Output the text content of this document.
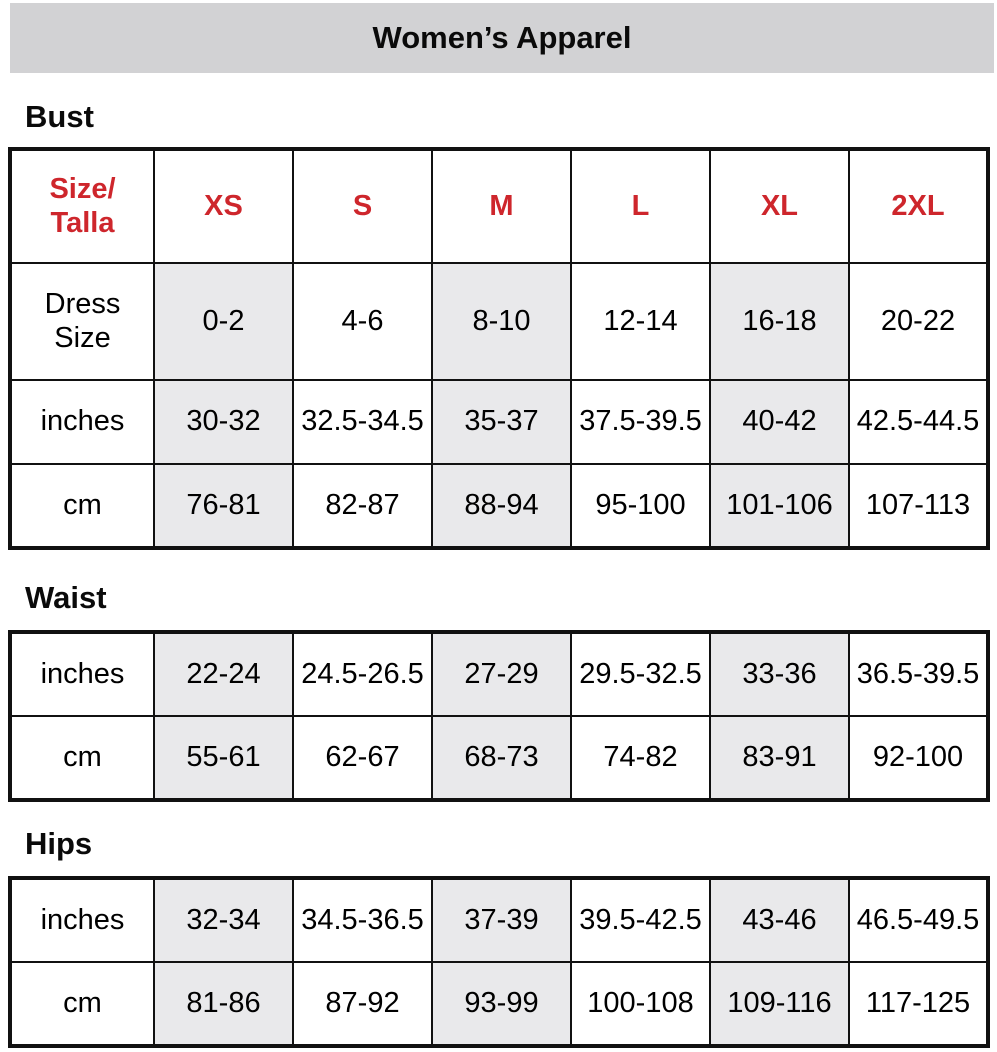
Women’s Apparel
Bust
Size/
Talla	XS	S	M	L	XL	2XL

Dress
Size	0-2	4-6	8-10	12-14	16-18	20-22
inches	30-32	32.5-34.5	35-37	37.5-39.5	40-42	42.5-44.5
cm	76-81	82-87	88-94	95-100	101-106	107-113
Waist
inches	22-24	24.5-26.5	27-29	29.5-32.5	33-36	36.5-39.5
cm	55-61	62-67	68-73	74-82	83-91	92-100
Hips
inches	32-34	34.5-36.5	37-39	39.5-42.5	43-46	46.5-49.5
cm	81-86	87-92	93-99	100-108	109-116	117-125
